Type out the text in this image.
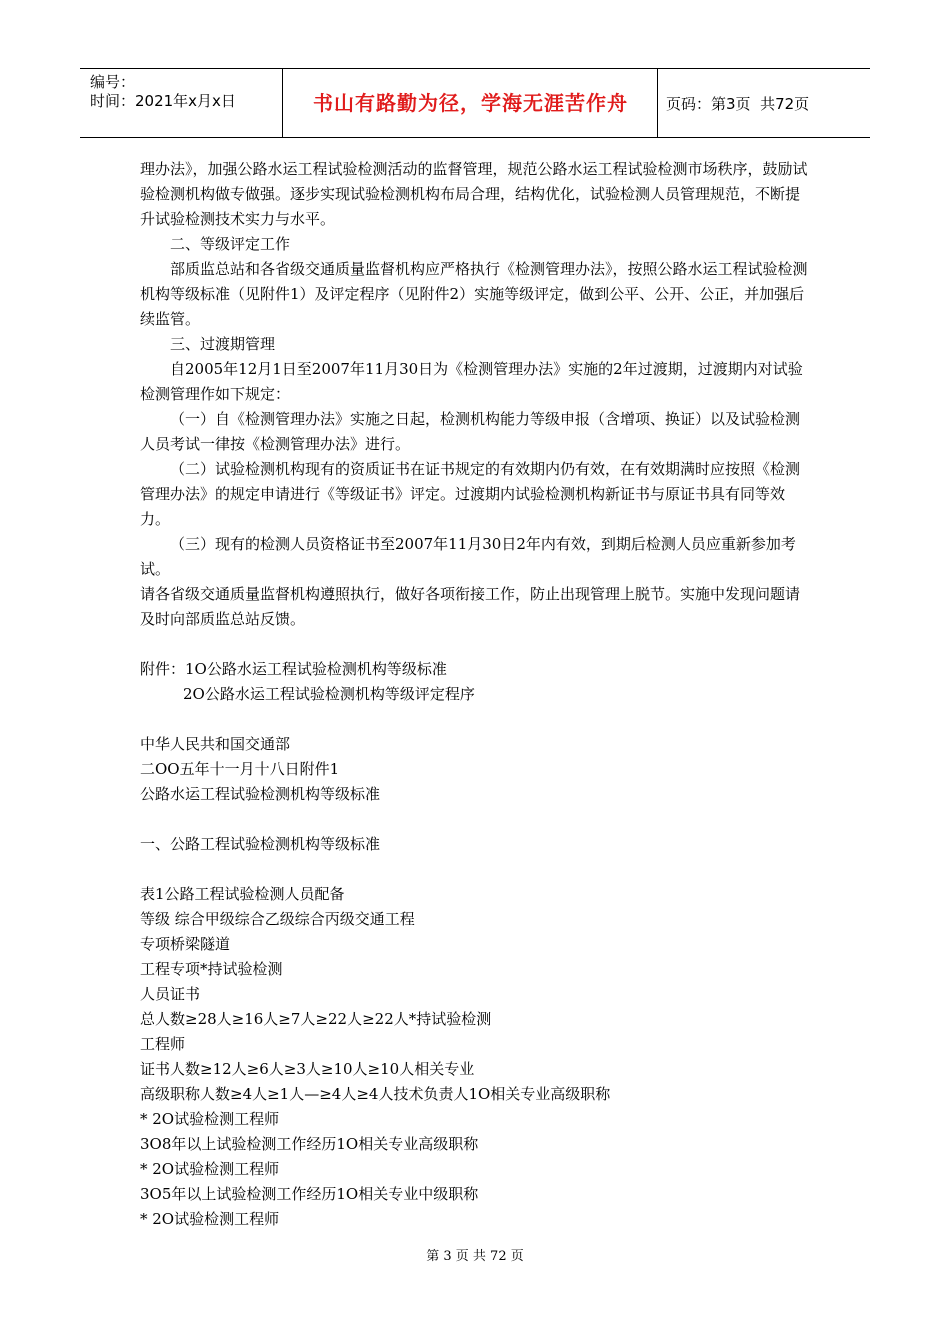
编号：
时间：2021年x月x日	书山有路勤为径，学海无涯苦作舟	页码：第3页  共72页

理办法》，加强公路水运工程试验检测活动的监督管理，规范公路水运工程试验检测市场秩序，鼓励试验检测机构做专做强。逐步实现试验检测机构布局合理，结构优化，试验检测人员管理规范，不断提升试验检测技术实力与水平。

二、等级评定工作

部质监总站和各省级交通质量监督机构应严格执行《检测管理办法》，按照公路水运工程试验检测机构等级标准（见附件1）及评定程序（见附件2）实施等级评定，做到公平、公开、公正，并加强后续监管。

三、过渡期管理

自2005年12月1日至2007年11月30日为《检测管理办法》实施的2年过渡期，过渡期内对试验检测管理作如下规定：

（一）自《检测管理办法》实施之日起，检测机构能力等级申报（含增项、换证）以及试验检测人员考试一律按《检测管理办法》进行。

（二）试验检测机构现有的资质证书在证书规定的有效期内仍有效，在有效期满时应按照《检测管理办法》的规定申请进行《等级证书》评定。过渡期内试验检测机构新证书与原证书具有同等效力。

（三）现有的检测人员资格证书至2007年11月30日2年内有效，到期后检测人员应重新参加考试。

请各省级交通质量监督机构遵照执行，做好各项衔接工作，防止出现管理上脱节。实施中发现问题请及时向部质监总站反馈。

附件：1O公路水运工程试验检测机构等级标准

2O公路水运工程试验检测机构等级评定程序

中华人民共和国交通部

二OO五年十一月十八日附件1

公路水运工程试验检测机构等级标准

一、公路工程试验检测机构等级标准

表1公路工程试验检测人员配备

等级 综合甲级综合乙级综合丙级交通工程

专项桥梁隧道

工程专项*持试验检测

人员证书

总人数≥28人≥16人≥7人≥22人≥22人*持试验检测

工程师

证书人数≥12人≥6人≥3人≥10人≥10人相关专业

高级职称人数≥4人≥1人—≥4人≥4人技术负责人1O相关专业高级职称

* 2O试验检测工程师

3O8年以上试验检测工作经历1O相关专业高级职称

* 2O试验检测工程师

3O5年以上试验检测工作经历1O相关专业中级职称

* 2O试验检测工程师

第 3 页 共 72 页
